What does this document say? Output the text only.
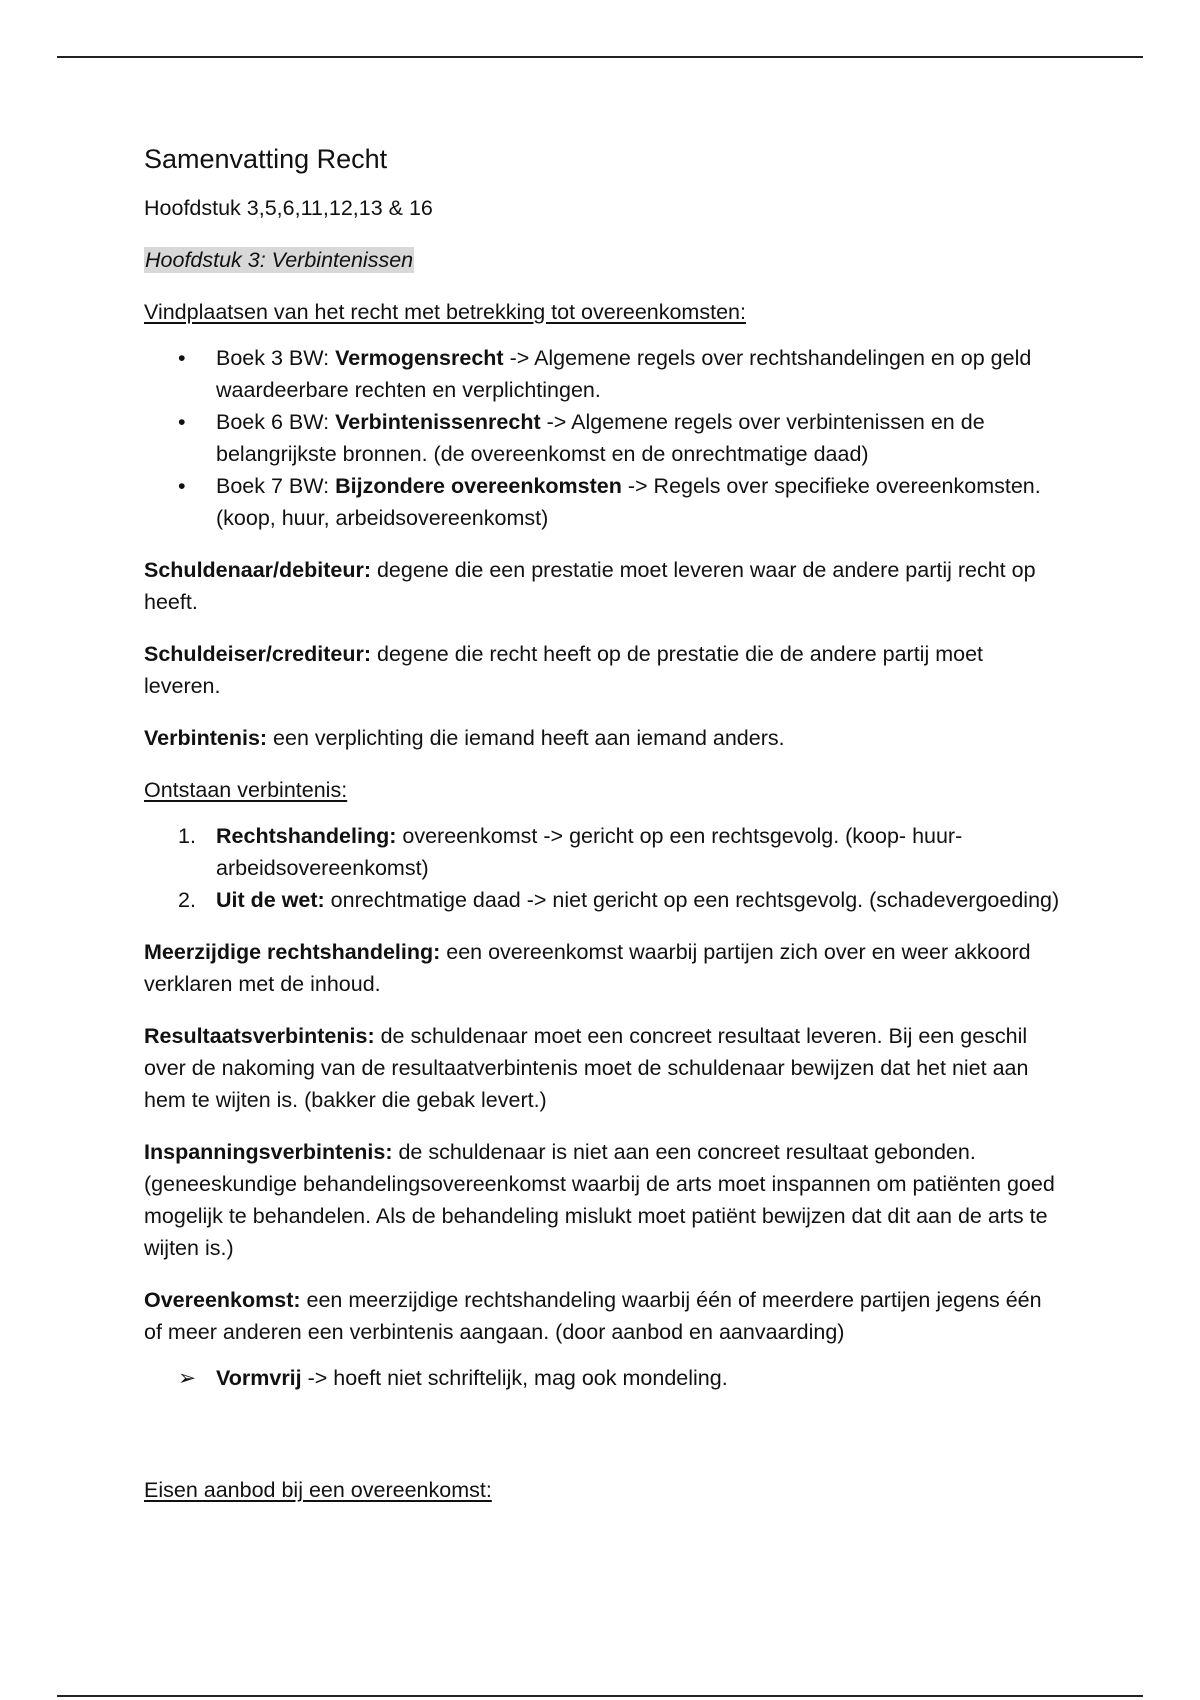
Samenvatting Recht

Hoofdstuk 3,5,6,11,12,13 & 16

Hoofdstuk 3: Verbintenissen

Vindplaatsen van het recht met betrekking tot overeenkomsten:

•	Boek 3 BW: Vermogensrecht -> Algemene regels over rechtshandelingen en op geld waardeerbare rechten en verplichtingen.
•	Boek 6 BW: Verbintenissenrecht -> Algemene regels over verbintenissen en de belangrijkste bronnen. (de overeenkomst en de onrechtmatige daad)
•	Boek 7 BW: Bijzondere overeenkomsten -> Regels over specifieke overeenkomsten. (koop, huur, arbeidsovereenkomst)

Schuldenaar/debiteur: degene die een prestatie moet leveren waar de andere partij recht op heeft.

Schuldeiser/crediteur: degene die recht heeft op de prestatie die de andere partij moet leveren.

Verbintenis: een verplichting die iemand heeft aan iemand anders.

Ontstaan verbintenis:

1. Rechtshandeling: overeenkomst -> gericht op een rechtsgevolg. (koop- huur- arbeidsovereenkomst)
2. Uit de wet: onrechtmatige daad -> niet gericht op een rechtsgevolg. (schadevergoeding)

Meerzijdige rechtshandeling: een overeenkomst waarbij partijen zich over en weer akkoord verklaren met de inhoud.

Resultaatsverbintenis: de schuldenaar moet een concreet resultaat leveren. Bij een geschil over de nakoming van de resultaatverbintenis moet de schuldenaar bewijzen dat het niet aan hem te wijten is. (bakker die gebak levert.)

Inspanningsverbintenis: de schuldenaar is niet aan een concreet resultaat gebonden. (geneeskundige behandelingsovereenkomst waarbij de arts moet inspannen om patiënten goed mogelijk te behandelen. Als de behandeling mislukt moet patiënt bewijzen dat dit aan de arts te wijten is.)

Overeenkomst: een meerzijdige rechtshandeling waarbij één of meerdere partijen jegens één of meer anderen een verbintenis aangaan. (door aanbod en aanvaarding)

➢ Vormvrij -> hoeft niet schriftelijk, mag ook mondeling.

Eisen aanbod bij een overeenkomst:
